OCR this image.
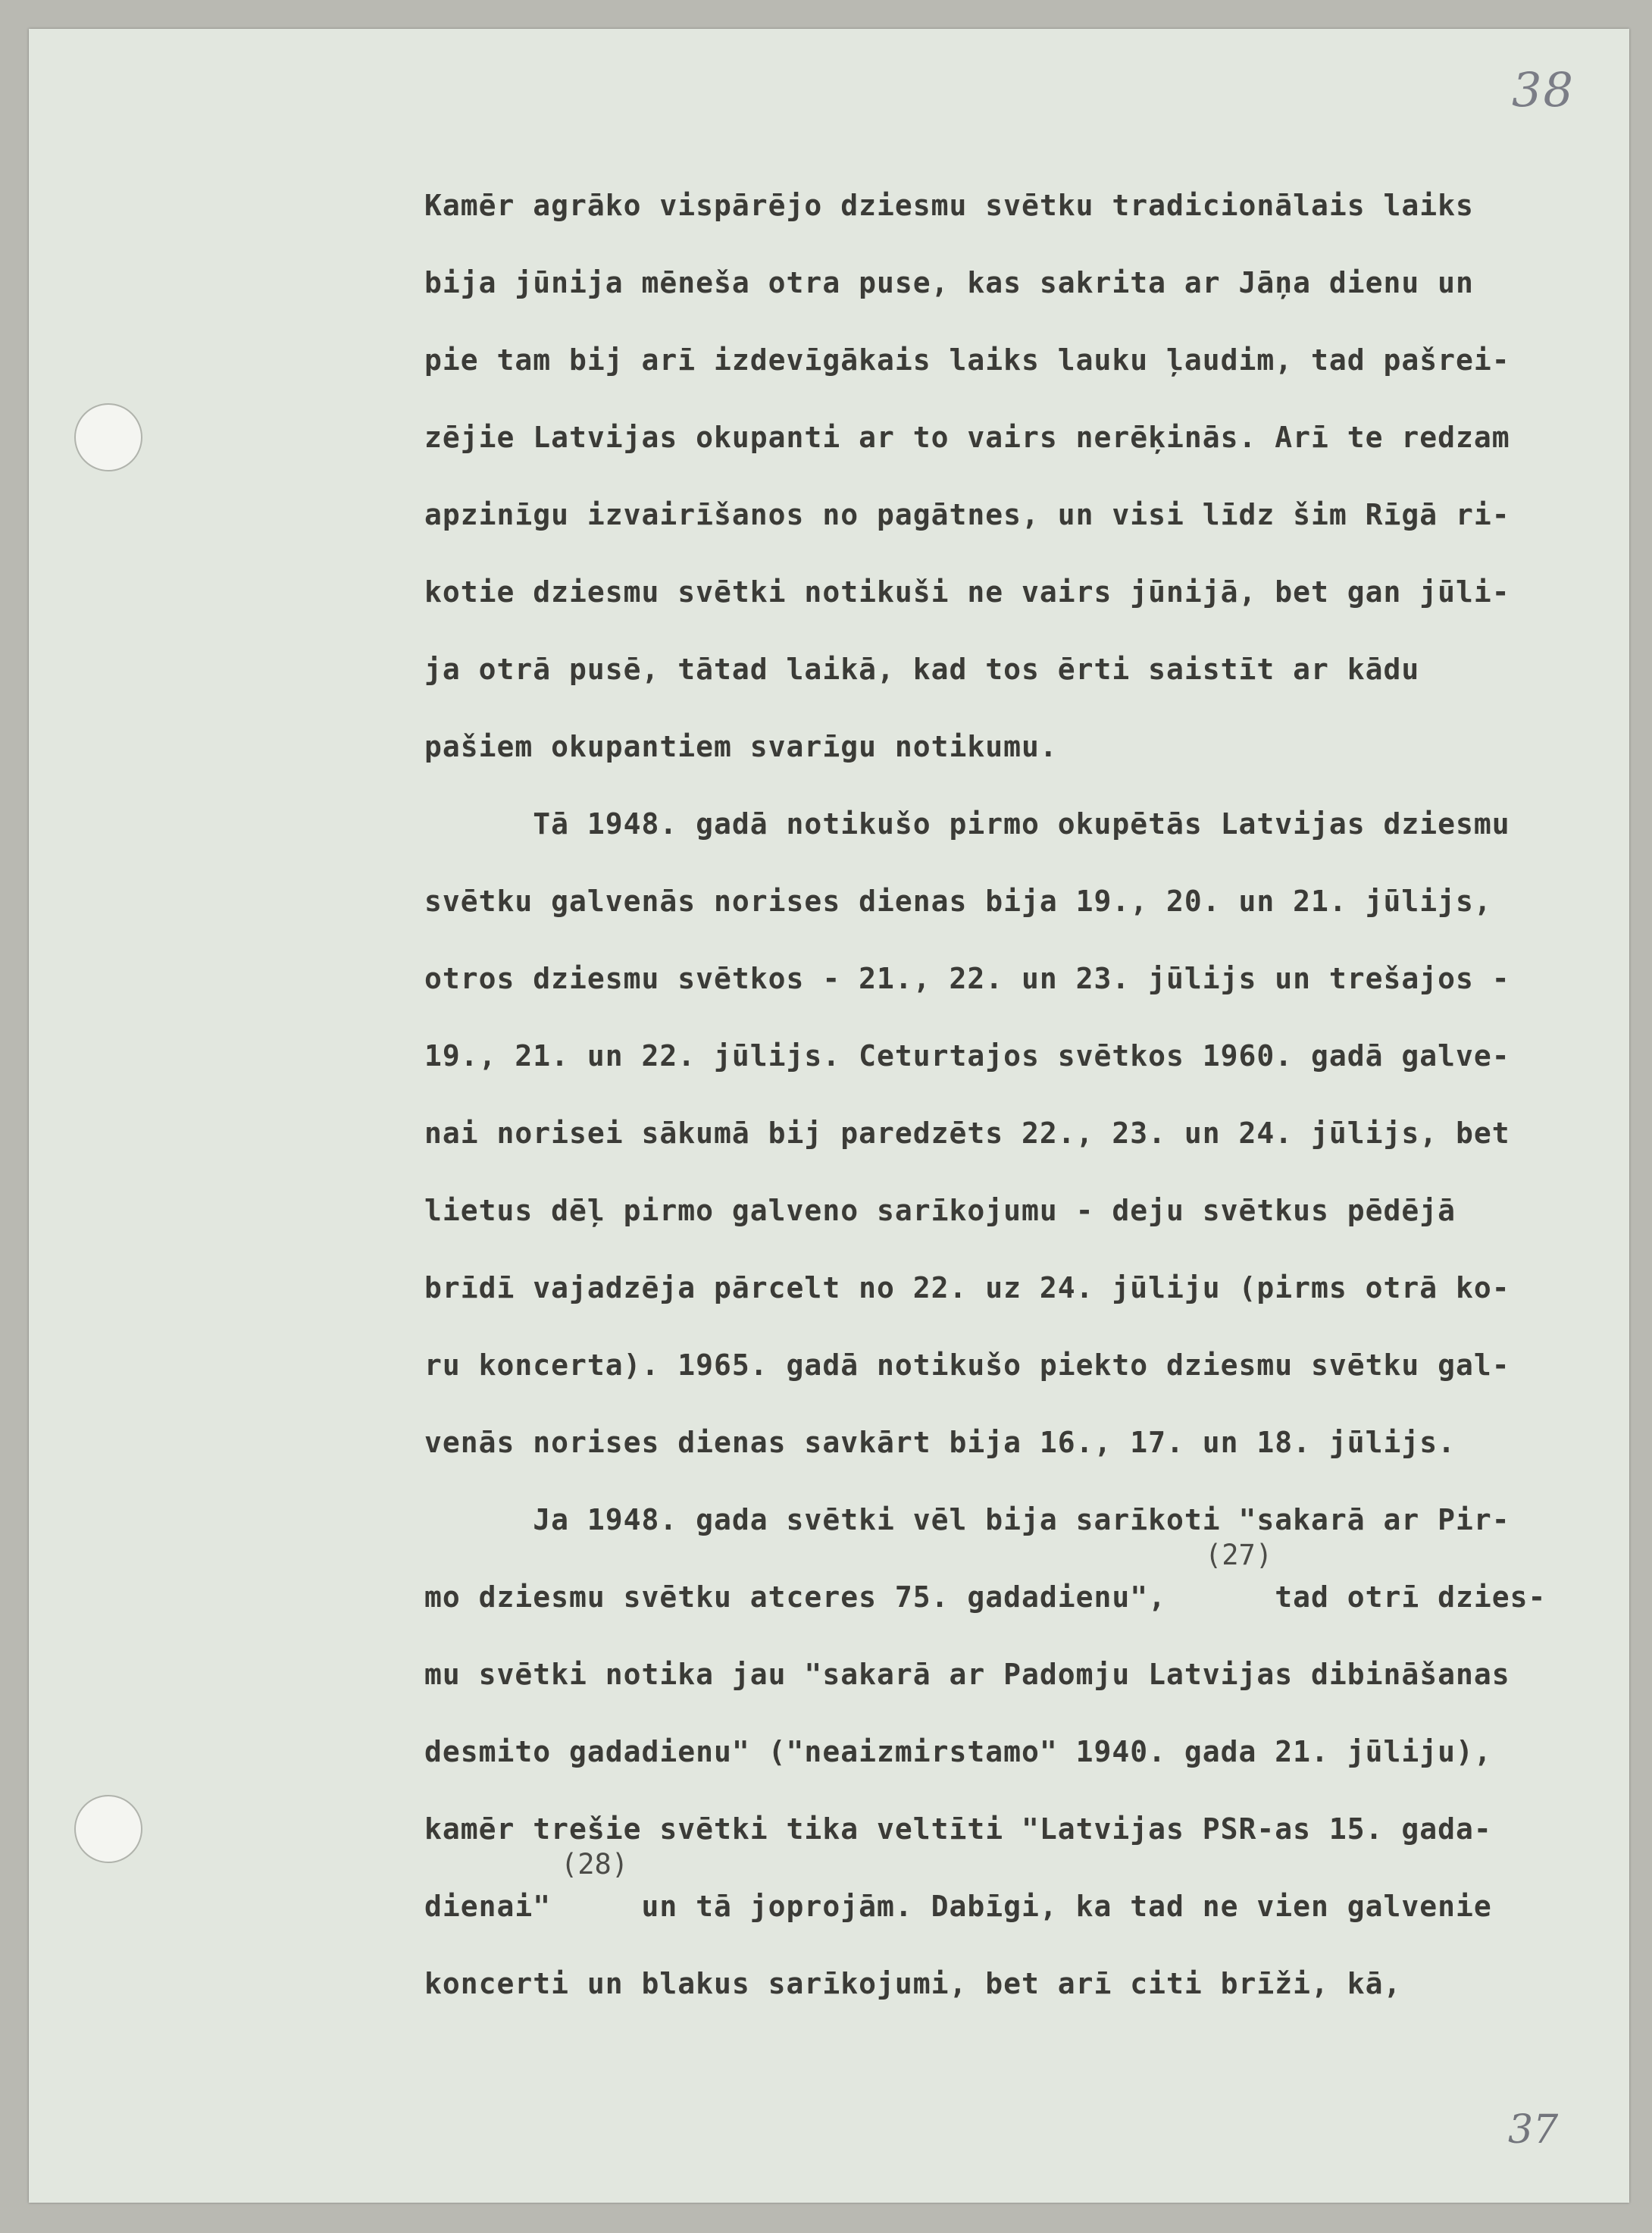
38
37
Kamēr agrāko vispārējo dziesmu svētku tradicionālais laiks
bija jūnija mēneša otra puse, kas sakrita ar Jāņa dienu un
pie tam bij arī izdevīgākais laiks lauku ļaudim, tad pašrei-
zējie Latvijas okupanti ar to vairs nerēķinās. Arī te redzam
apzinīgu izvairīšanos no pagātnes, un visi līdz šim Rīgā ri-
kotie dziesmu svētki notikuši ne vairs jūnijā, bet gan jūli-
ja otrā pusē, tātad laikā, kad tos ērti saistīt ar kādu
pašiem okupantiem svarīgu notikumu.
Tā 1948. gadā notikušo pirmo okupētās Latvijas dziesmu
svētku galvenās norises dienas bija 19., 20. un 21. jūlijs,
otros dziesmu svētkos - 21., 22. un 23. jūlijs un trešajos -
19., 21. un 22. jūlijs. Ceturtajos svētkos 1960. gadā galve-
nai norisei sākumā bij paredzēts 22., 23. un 24. jūlijs, bet
lietus dēļ pirmo galveno sarīkojumu - deju svētkus pēdējā
brīdī vajadzēja pārcelt no 22. uz 24. jūliju (pirms otrā ko-
ru koncerta). 1965. gadā notikušo piekto dziesmu svētku gal-
venās norises dienas savkārt bija 16., 17. un 18. jūlijs.
Ja 1948. gada svētki vēl bija sarīkoti "sakarā ar Pir-
mo dziesmu svētku atceres 75. gadadienu",      tad otrī dzies-
mu svētki notika jau "sakarā ar Padomju Latvijas dibināšanas
desmito gadadienu" ("neaizmirstamo" 1940. gada 21. jūliju),
kamēr trešie svētki tika veltīti "Latvijas PSR-as 15. gada-
dienai"     un tā joprojām. Dabīgi, ka tad ne vien galvenie
koncerti un blakus sarīkojumi, bet arī citi brīži, kā,
(27)
(28)
